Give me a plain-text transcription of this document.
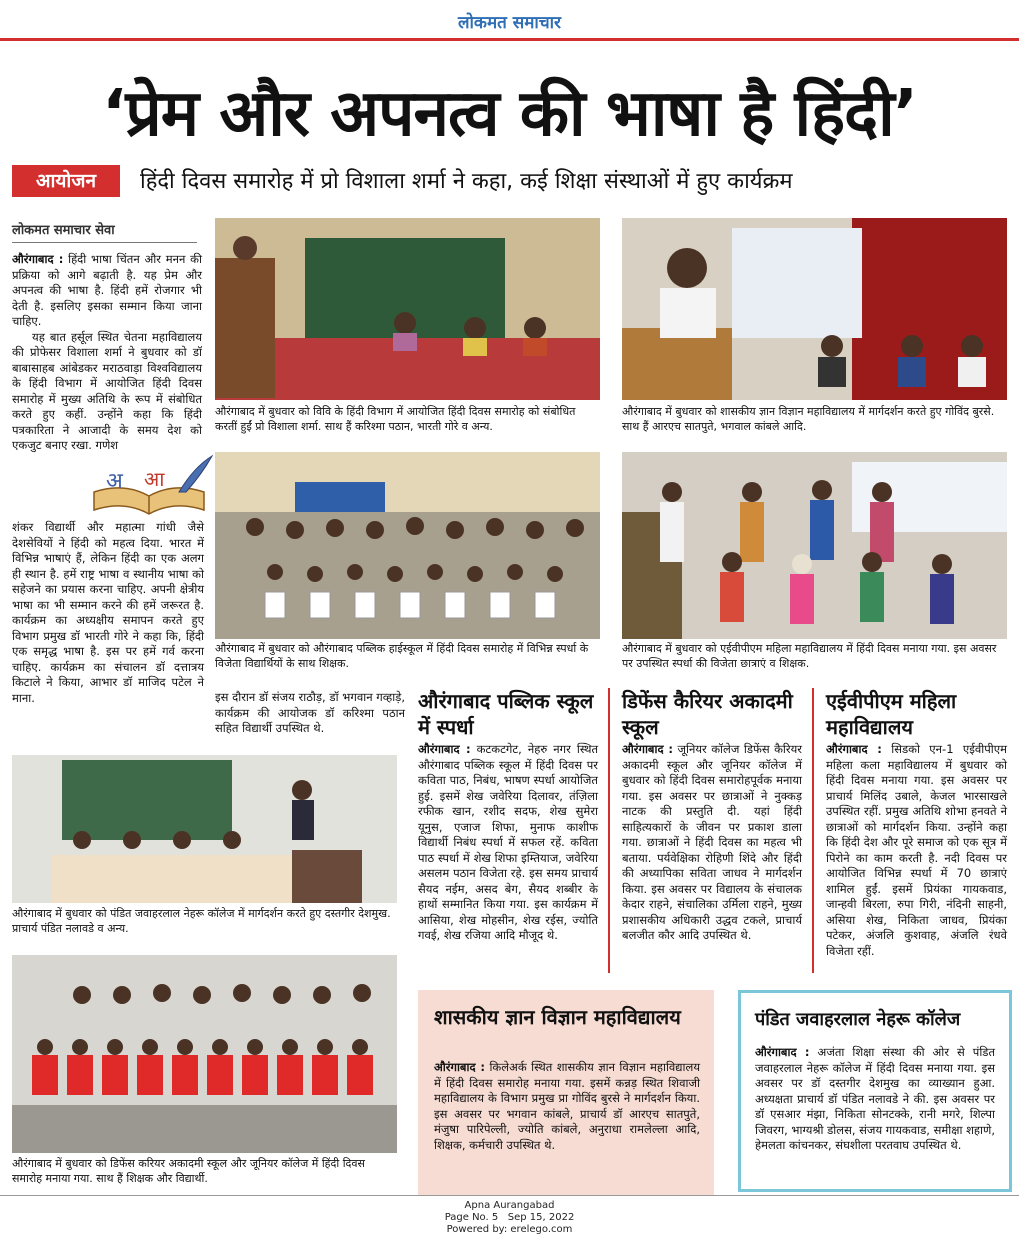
लोकमत समाचार
‘प्रेम और अपनत्व की भाषा है हिंदी’
आयोजन	हिंदी दिवस समारोह में प्रो विशाला शर्मा ने कहा, कई शिक्षा संस्थाओं में हुए कार्यक्रम
लोकमत समाचार सेवा
औरंगाबाद : हिंदी भाषा चिंतन और मनन की प्रक्रिया को आगे बढ़ाती है. यह प्रेम और अपनत्व की भाषा है. हिंदी हमें रोजगार भी देती है. इसलिए इसका सम्मान किया जाना चाहिए.
यह बात हर्सूल स्थित चेतना महाविद्यालय की प्रोफेसर विशाला शर्मा ने बुधवार को डॉ बाबासाहब आंबेडकर मराठवाड़ा विश्वविद्यालय के हिंदी विभाग में आयोजित हिंदी दिवस समारोह में मुख्य अतिथि के रूप में संबोधित करते हुए कहीं. उन्होंने कहा कि हिंदी पत्रकारिता ने आजादी के समय देश को एकजुट बनाए रखा. गणेश
अ आ
शंकर विद्यार्थी और महात्मा गांधी जैसे देशसेवियों ने हिंदी को महत्व दिया. भारत में विभिन्न भाषाएं हैं, लेकिन हिंदी का एक अलग ही स्थान है. हमें राष्ट्र भाषा व स्थानीय भाषा को सहेजने का प्रयास करना चाहिए. अपनी क्षेत्रीय भाषा का भी सम्मान करने की हमें जरूरत है. कार्यक्रम का अध्यक्षीय समापन करते हुए विभाग प्रमुख डॉ भारती गोरे ने कहा कि, हिंदी एक समृद्ध भाषा है. इस पर हमें गर्व करना चाहिए. कार्यक्रम का संचालन डॉ दत्तात्रय किटाले ने किया, आभार डॉ माजिद पटेल ने माना.	इस दौरान डॉ संजय राठौड़, डॉ भगवान गव्हाड़े, कार्यक्रम की आयोजक डॉ करिश्मा पठान सहित विद्यार्थी उपस्थित थे.
औरंगाबाद में बुधवार को विवि के हिंदी विभाग में आयोजित हिंदी दिवस समारोह को संबोधित करतीं हुईं प्रो विशाला शर्मा. साथ हैं करिश्मा पठान, भारती गोरे व अन्य.
औरंगाबाद में बुधवार को शासकीय ज्ञान विज्ञान महाविद्यालय में मार्गदर्शन करते हुए गोविंद बुरसे. साथ हैं आरएच सातपुते, भगवाल कांबले आदि.
औरंगाबाद में बुधवार को औरंगाबाद पब्लिक हाईस्कूल में हिंदी दिवस समारोह में विभिन्न स्पर्धा के विजेता विद्यार्थियों के साथ शिक्षक.
औरंगाबाद में बुधवार को एईवीपीएम महिला महाविद्यालय में हिंदी दिवस मनाया गया. इस अवसर पर उपस्थित स्पर्धा की विजेता छात्राएं व शिक्षक.
औरंगाबाद में बुधवार को पंडित जवाहरलाल नेहरू कॉलेज में मार्गदर्शन करते हुए दस्तगीर देशमुख. प्राचार्य पंडित नलावडे व अन्य.
औरंगाबाद में बुधवार को डिफेंस करियर अकादमी स्कूल और जूनियर कॉलेज में हिंदी दिवस समारोह मनाया गया. साथ हैं शिक्षक और विद्यार्थी.
औरंगाबाद पब्लिक स्कूल में स्पर्धा
औरंगाबाद : कटकटगेट, नेहरु नगर स्थित औरंगाबाद पब्लिक स्कूल में हिंदी दिवस पर कविता पाठ, निबंध, भाषण स्पर्धा आयोजित हुई. इसमें शेख जवेरिया दिलावर, तंज़िला रफीक खान, रशीद सदफ, शेख सुमेरा यूनुस, एजाज शिफा, मुनाफ काशीफ विद्यार्थी निबंध स्पर्धा में सफल रहें. कविता पाठ स्पर्धा में शेख शिफा इम्तियाज, जवेरिया असलम पठान विजेता रहे. इस समय प्राचार्य सैयद नईम, असद बेग, सैयद शब्बीर के हाथों सम्मानित किया गया. इस कार्यक्रम में आसिया, शेख मोहसीन, शेख रईस, ज्योति गवई, शेख रजिया आदि मौजूद थे.
डिफेंस कैरियर अकादमी स्कूल
औरंगाबाद : जूनियर कॉलेज डिफेंस कैरियर अकादमी स्कूल और जूनियर कॉलेज में बुधवार को हिंदी दिवस समारोहपूर्वक मनाया गया. इस अवसर पर छात्राओं ने नुक्कड़ नाटक की प्रस्तुति दी. यहां हिंदी साहित्यकारों के जीवन पर प्रकाश डाला गया. छात्राओं ने हिंदी दिवस का महत्व भी बताया. पर्यवेक्षिका रोहिणी शिंदे और हिंदी की अध्यापिका सविता जाधव ने मार्गदर्शन किया. इस अवसर पर विद्यालय के संचालक केदार राहने, संचालिका उर्मिला राहने, मुख्य प्रशासकीय अधिकारी उद्धव टकले, प्राचार्य बलजीत कौर आदि उपस्थित थे.
एईवीपीएम महिला महाविद्यालय
औरंगाबाद : सिडको एन-1 एईवीपीएम महिला कला महाविद्यालय में बुधवार को हिंदी दिवस मनाया गया. इस अवसर पर प्राचार्य मिलिंद उबाले, केजल भारसाखले उपस्थित रहीं. प्रमुख अतिथि शोभा हनवते ने छात्राओं को मार्गदर्शन किया. उन्होंने कहा कि हिंदी देश और पूरे समाज को एक सूत्र में पिरोने का काम करती है. नदी दिवस पर आयोजित विभिन्न स्पर्धा में 70 छात्राएं शामिल हुईं. इसमें प्रियंका गायकवाड, जान्हवी बिरला, रुपा गिरी, नंदिनी साहनी, असिया शेख, निकिता जाधव, प्रियंका पटेकर, अंजलि कुशवाह, अंजलि रंधवे विजेता रहीं.
शासकीय ज्ञान विज्ञान महाविद्यालय
औरंगाबाद : किलेअर्क स्थित शासकीय ज्ञान विज्ञान महाविद्यालय में हिंदी दिवस समारोह मनाया गया. इसमें कन्नड़ स्थित शिवाजी महाविद्यालय के विभाग प्रमुख प्रा गोविंद बुरसे ने मार्गदर्शन किया. इस अवसर पर भगवान कांबले, प्राचार्य डॉ आरएच सातपुते, मंजुषा पारिपेल्ली, ज्योति कांबले, अनुराधा रामलेल्ला आदि, शिक्षक, कर्मचारी उपस्थित थे.
पंडित जवाहरलाल नेहरू कॉलेज
औरंगाबाद : अजंता शिक्षा संस्था की ओर से पंडित जवाहरलाल नेहरू कॉलेज में हिंदी दिवस मनाया गया. इस अवसर पर डॉ दस्तगीर देशमुख का व्याख्यान हुआ. अध्यक्षता प्राचार्य डॉ पंडित नलावडे ने की. इस अवसर पर डॉ एसआर मंझा, निकिता सोनटक्के, रानी मगरे, शिल्पा जिवरग, भाग्यश्री डोलस, संजय गायकवाड, समीक्षा शहाणे, हेमलता कांचनकर, संघशीला परतवाघ उपस्थित थे.
Apna Aurangabad
Page No. 5   Sep 15, 2022
Powered by: erelego.com
